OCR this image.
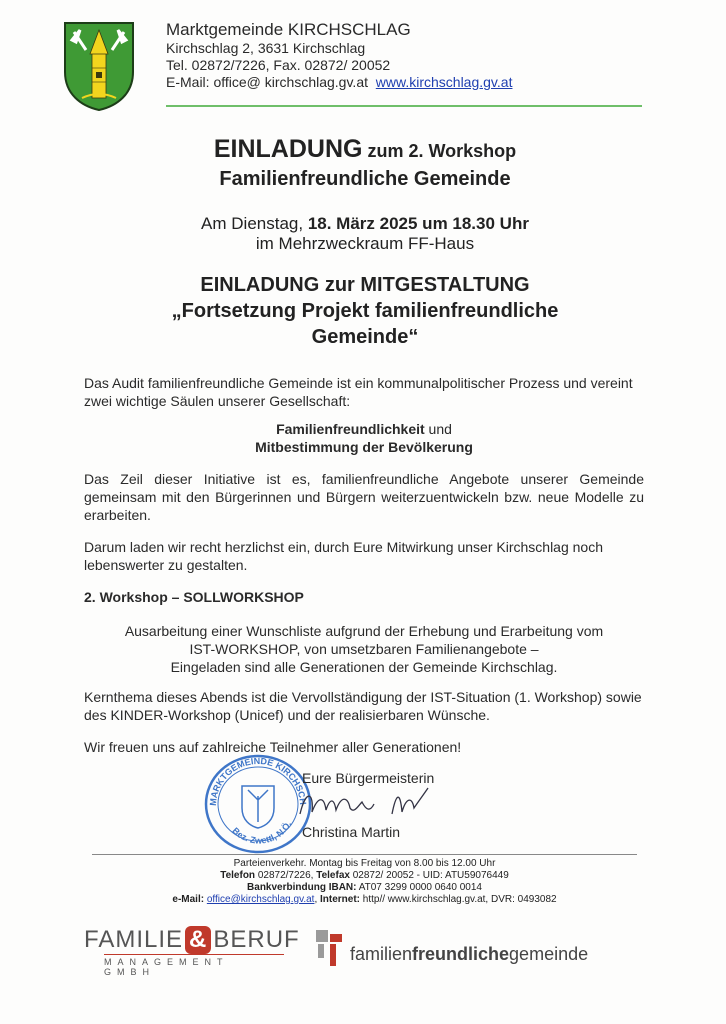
Marktgemeinde KIRCHSCHLAG
Kirchschlag 2, 3631 Kirchschlag
Tel. 02872/7226, Fax. 02872/ 20052
E-Mail: office@ kirchschlag.gv.at www.kirchschlag.gv.at
EINLADUNG zum 2. Workshop
Familienfreundliche Gemeinde
Am Dienstag, 18. März 2025 um 18.30 Uhr
im Mehrzweckraum FF-Haus
EINLADUNG zur MITGESTALTUNG
„Fortsetzung Projekt familienfreundliche
Gemeinde“
Das Audit familienfreundliche Gemeinde ist ein kommunalpolitischer Prozess und vereint zwei wichtige Säulen unserer Gesellschaft:
Familienfreundlichkeit und
Mitbestimmung der Bevölkerung
Das Zeil dieser Initiative ist es, familienfreundliche Angebote unserer Gemeinde gemeinsam mit den Bürgerinnen und Bürgern weiterzuentwickeln bzw. neue Modelle zu erarbeiten.
Darum laden wir recht herzlichst ein, durch Eure Mitwirkung unser Kirchschlag noch lebenswerter zu gestalten.
2. Workshop – SOLLWORKSHOP
Ausarbeitung einer Wunschliste aufgrund der Erhebung und Erarbeitung vom
IST-WORKSHOP, von umsetzbaren Familienangebote –
Eingeladen sind alle Generationen der Gemeinde Kirchschlag.
Kernthema dieses Abends ist die Vervollständigung der IST-Situation (1. Workshop) sowie des KINDER-Workshop (Unicef) und der realisierbaren Wünsche.
Wir freuen uns auf zahlreiche Teilnehmer aller Generationen!
MARKTGEMEINDE KIRCHSCH
Bez. Zwettl, N.Ö.
Eure Bürgermeisterin
Christina Martin
Parteienverkehr. Montag bis Freitag von 8.00 bis 12.00 Uhr
Telefon 02872/7226, Telefax 02872/ 20052 - UID: ATU59076449
Bankverbindung IBAN: AT07 3299 0000 0640 0014
e-Mail: office@kirchschlag.gv.at, Internet: http// www.kirchschlag.gv.at, DVR: 0493082
FAMILIE & BERUF
MANAGEMENT GMBH
familienfreundlichegemeinde
